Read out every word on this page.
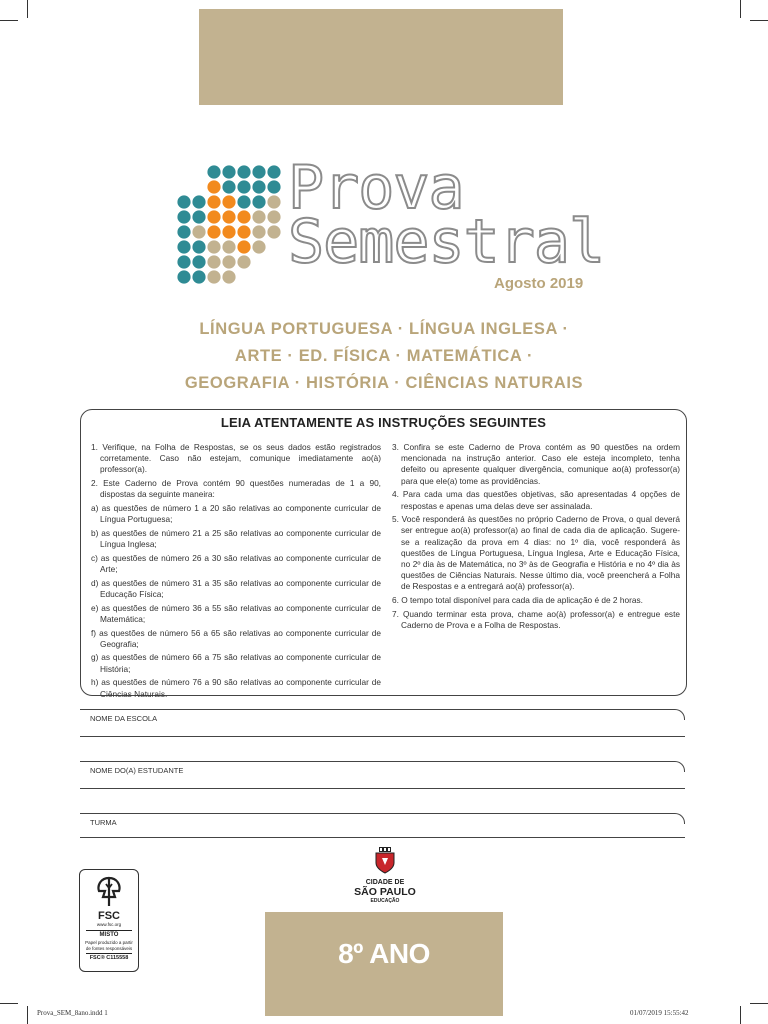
Prova
Semestral
Agosto 2019
LÍNGUA PORTUGUESA · LÍNGUA INGLESA ·
ARTE · ED. FÍSICA · MATEMÁTICA ·
GEOGRAFIA · HISTÓRIA · CIÊNCIAS NATURAIS
LEIA ATENTAMENTE AS INSTRUÇÕES SEGUINTES

1. Verifique, na Folha de Respostas, se os seus dados estão registrados corretamente. Caso não estejam, comunique imediatamente ao(à) professor(a).

2. Este Caderno de Prova contém 90 questões numeradas de 1 a 90, dispostas da seguinte maneira:

a) as questões de número 1 a 20 são relativas ao componente curricular de Língua Portuguesa;

b) as questões de número 21 a 25 são relativas ao componente curricular de Língua Inglesa;

c) as questões de número 26 a 30 são relativas ao componente curricular de Arte;

d) as questões de número 31 a 35 são relativas ao componente curricular de Educação Física;

e) as questões de número 36 a 55 são relativas ao componente curricular de Matemática;

f) as questões de número 56 a 65 são relativas ao componente curricular de Geografia;

g) as questões de número 66 a 75 são relativas ao componente curricular de História;

h) as questões de número 76 a 90 são relativas ao componente curricular de Ciências Naturais.

3. Confira se este Caderno de Prova contém as 90 questões na ordem mencionada na instrução anterior. Caso ele esteja incompleto, tenha defeito ou apresente qualquer divergência, comunique ao(à) professor(a) para que ele(a) tome as providências.

4. Para cada uma das questões objetivas, são apresentadas 4 opções de respostas e apenas uma delas deve ser assinalada.

5. Você responderá às questões no próprio Caderno de Prova, o qual deverá ser entregue ao(à) professor(a) ao final de cada dia de aplicação. Sugere-se a realização da prova em 4 dias: no 1º dia, você responderá às questões de Língua Portuguesa, Língua Inglesa, Arte e Educação Física, no 2º dia às de Matemática, no 3º às de Geografia e História e no 4º dia às questões de Ciências Naturais. Nesse último dia, você preencherá a Folha de Respostas e a entregará ao(à) professor(a).

6. O tempo total disponível para cada dia de aplicação é de 2 horas.

7. Quando terminar esta prova, chame ao(à) professor(a) e entregue este Caderno de Prova e a Folha de Respostas.

NOME DA ESCOLA
NOME DO(A) ESTUDANTE
TURMA
FSC
www.fsc.org
MISTO
Papel produzido a partir de fontes responsáveis
FSC® C115558
CIDADE DE
SÃO PAULO
EDUCAÇÃO
8º ANO
Prova_SEM_8ano.indd 1	01/07/2019 15:55:42
